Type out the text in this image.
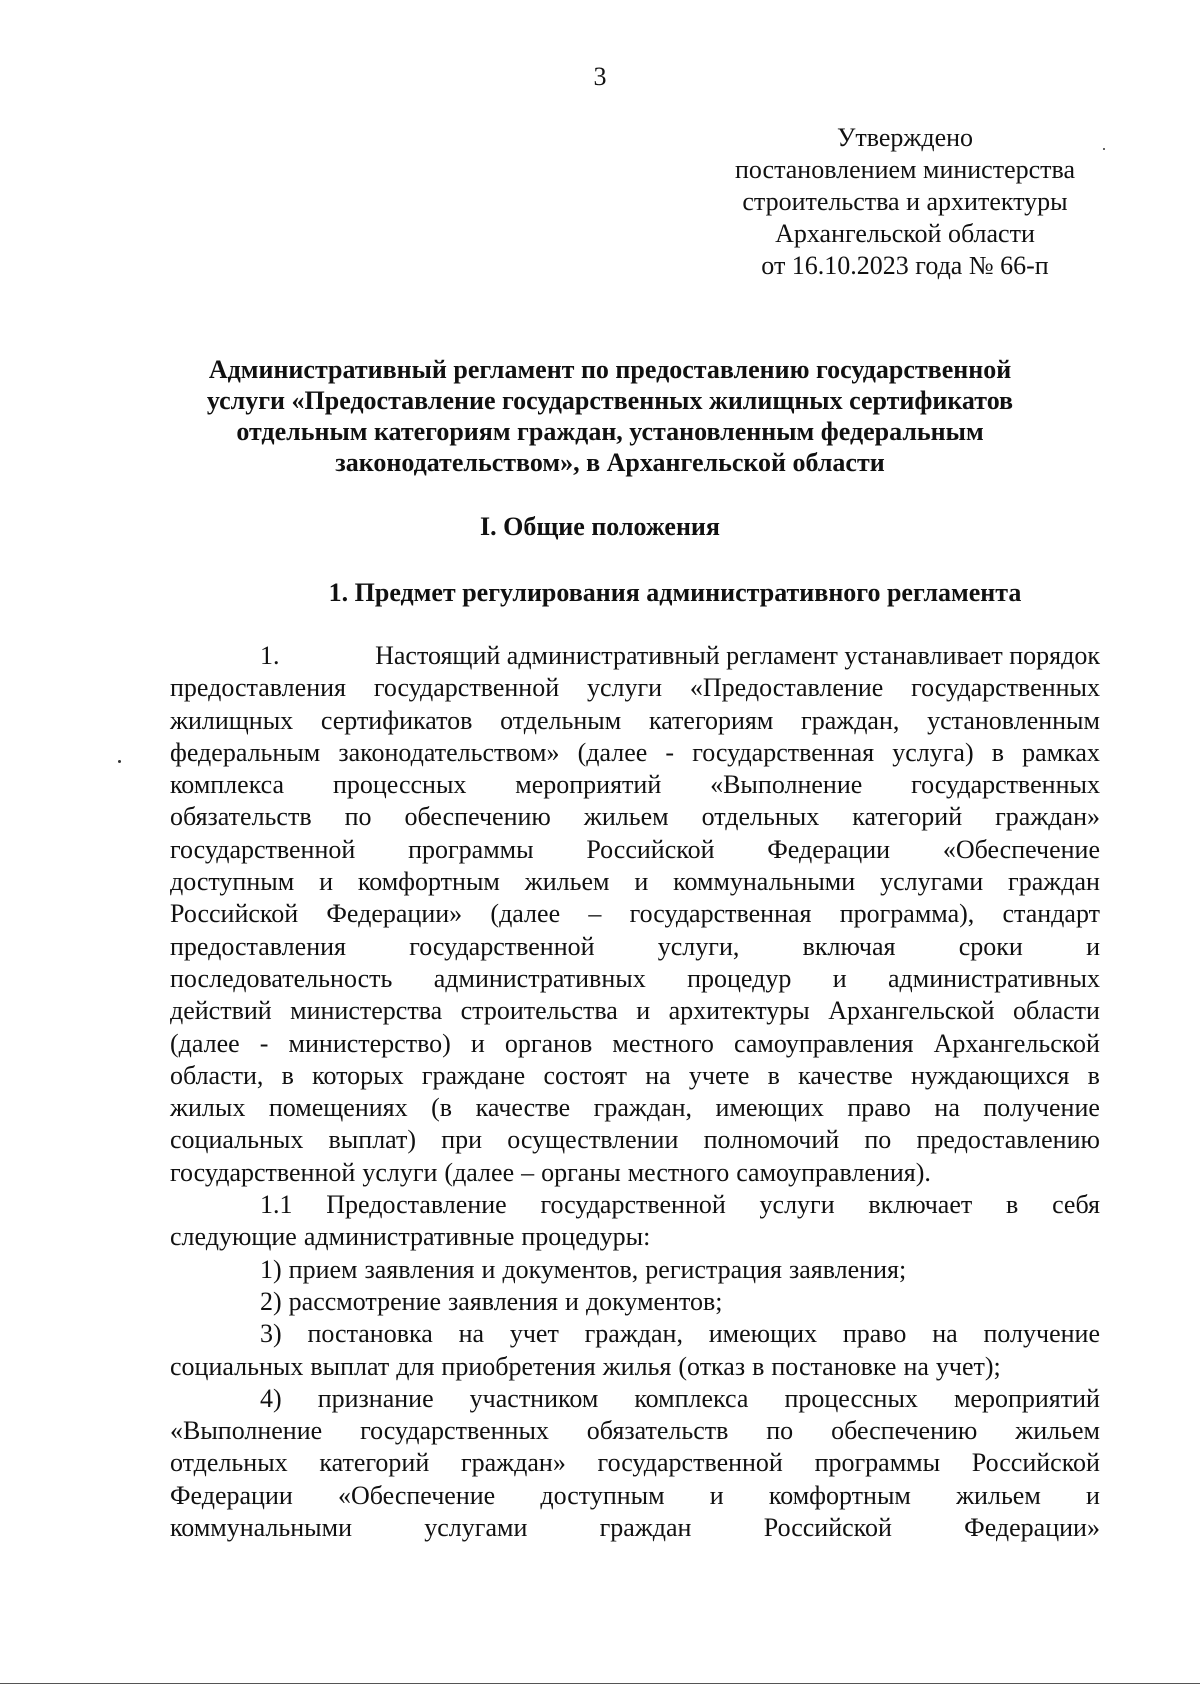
3
Утверждено
постановлением министерства
строительства и архитектуры
Архангельской области
от 16.10.2023 года № 66-п
Административный регламент по предоставлению государственной
услуги «Предоставление государственных жилищных сертификатов
отдельным категориям граждан, установленным федеральным
законодательством», в Архангельской области
I. Общие положения
1. Предмет регулирования административного регламента
1.	Настоящий административный регламент устанавливает порядок
предоставления государственной услуги «Предоставление государственных
жилищных сертификатов отдельным категориям граждан, установленным
федеральным законодательством» (далее - государственная услуга) в рамках
комплекса процессных мероприятий «Выполнение государственных
обязательств по обеспечению жильем отдельных категорий граждан»
государственной программы Российской Федерации «Обеспечение
доступным и комфортным жильем и коммунальными услугами граждан
Российской Федерации» (далее – государственная программа), стандарт
предоставления государственной услуги, включая сроки и
последовательность административных процедур и административных
действий министерства строительства и архитектуры Архангельской области
(далее - министерство) и органов местного самоуправления Архангельской
области, в которых граждане состоят на учете в качестве нуждающихся в
жилых помещениях (в качестве граждан, имеющих право на получение
социальных выплат) при осуществлении полномочий по предоставлению
государственной услуги (далее – органы местного самоуправления).
1.1 Предоставление государственной услуги включает в себя
следующие административные процедуры:
1) прием заявления и документов, регистрация заявления;
2) рассмотрение заявления и документов;
3) постановка на учет граждан, имеющих право на получение
социальных выплат для приобретения жилья (отказ в постановке на учет);
4) признание участником комплекса процессных мероприятий
«Выполнение государственных обязательств по обеспечению жильем
отдельных категорий граждан» государственной программы Российской
Федерации «Обеспечение доступным и комфортным жильем и
коммунальными	услугами	граждан	Российской	Федерации»
